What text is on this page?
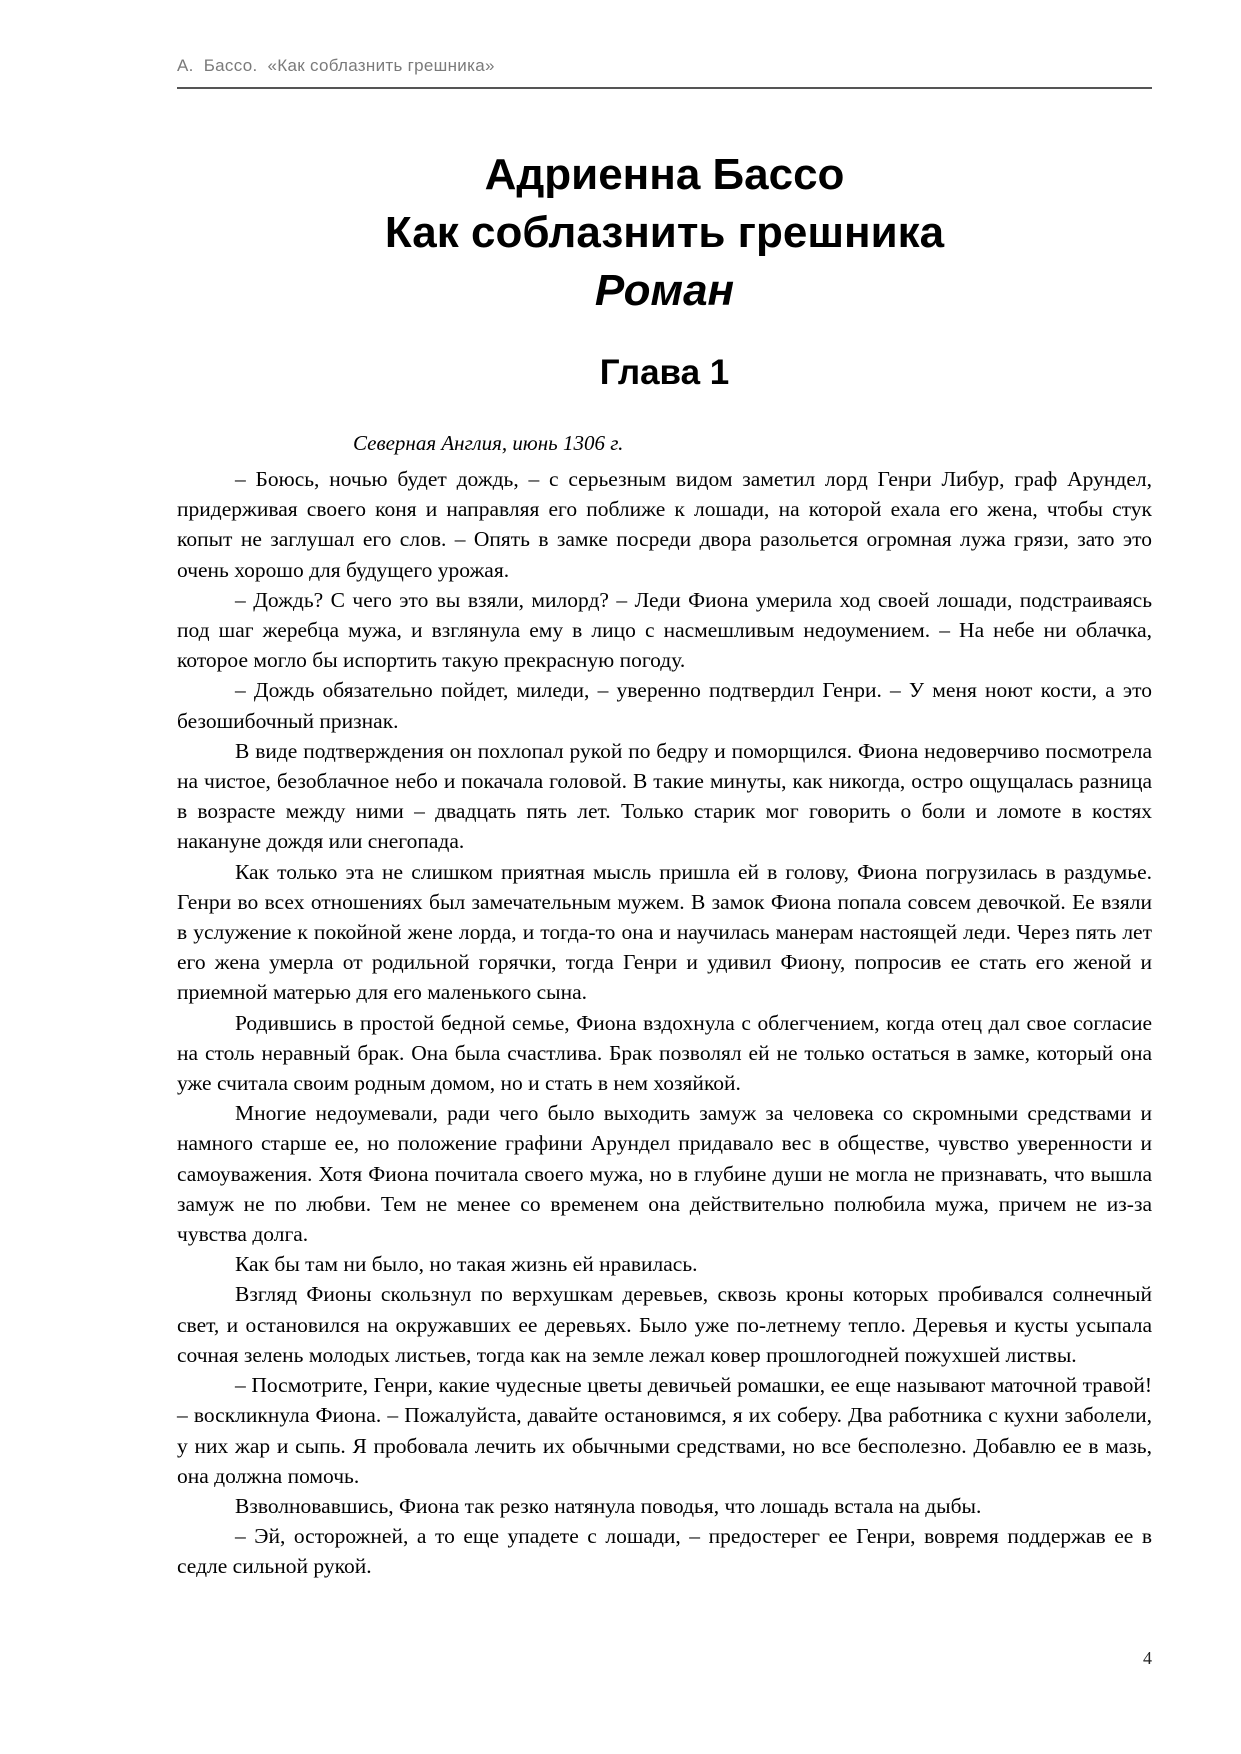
А.  Бассо.  «Как соблазнить грешника»
Адриенна Бассо
Как соблазнить грешника
Роман
Глава 1
Северная Англия, июнь 1306 г.

– Боюсь, ночью будет дождь, – с серьезным видом заметил лорд Генри Либур, граф Арундел, придерживая своего коня и направляя его поближе к лошади, на которой ехала его жена, чтобы стук копыт не заглушал его слов. – Опять в замке посреди двора разольется огромная лужа грязи, зато это очень хорошо для будущего урожая.

– Дождь? С чего это вы взяли, милорд? – Леди Фиона умерила ход своей лошади, подстраиваясь под шаг жеребца мужа, и взглянула ему в лицо с насмешливым недоумением. – На небе ни облачка, которое могло бы испортить такую прекрасную погоду.

– Дождь обязательно пойдет, миледи, – уверенно подтвердил Генри. – У меня ноют кости, а это безошибочный признак.

В виде подтверждения он похлопал рукой по бедру и поморщился. Фиона недоверчиво посмотрела на чистое, безоблачное небо и покачала головой. В такие минуты, как никогда, остро ощущалась разница в возрасте между ними – двадцать пять лет. Только старик мог говорить о боли и ломоте в костях накануне дождя или снегопада.

Как только эта не слишком приятная мысль пришла ей в голову, Фиона погрузилась в раздумье. Генри во всех отношениях был замечательным мужем. В замок Фиона попала совсем девочкой. Ее взяли в услужение к покойной жене лорда, и тогда-то она и научилась манерам настоящей леди. Через пять лет его жена умерла от родильной горячки, тогда Генри и удивил Фиону, попросив ее стать его женой и приемной матерью для его маленького сына.

Родившись в простой бедной семье, Фиона вздохнула с облегчением, когда отец дал свое согласие на столь неравный брак. Она была счастлива. Брак позволял ей не только остаться в замке, который она уже считала своим родным домом, но и стать в нем хозяйкой.

Многие недоумевали, ради чего было выходить замуж за человека со скромными средствами и намного старше ее, но положение графини Арундел придавало вес в обществе, чувство уверенности и самоуважения. Хотя Фиона почитала своего мужа, но в глубине души не могла не признавать, что вышла замуж не по любви. Тем не менее со временем она действительно полюбила мужа, причем не из-за чувства долга.

Как бы там ни было, но такая жизнь ей нравилась.

Взгляд Фионы скользнул по верхушкам деревьев, сквозь кроны которых пробивался солнечный свет, и остановился на окружавших ее деревьях. Было уже по-летнему тепло. Деревья и кусты усыпала сочная зелень молодых листьев, тогда как на земле лежал ковер прошлогодней пожухшей листвы.

– Посмотрите, Генри, какие чудесные цветы девичьей ромашки, ее еще называют маточной травой! – воскликнула Фиона. – Пожалуйста, давайте остановимся, я их соберу. Два работника с кухни заболели, у них жар и сыпь. Я пробовала лечить их обычными средствами, но все бесполезно. Добавлю ее в мазь, она должна помочь.

Взволновавшись, Фиона так резко натянула поводья, что лошадь встала на дыбы.

– Эй, осторожней, а то еще упадете с лошади, – предостерег ее Генри, вовремя поддержав ее в седле сильной рукой.

4
